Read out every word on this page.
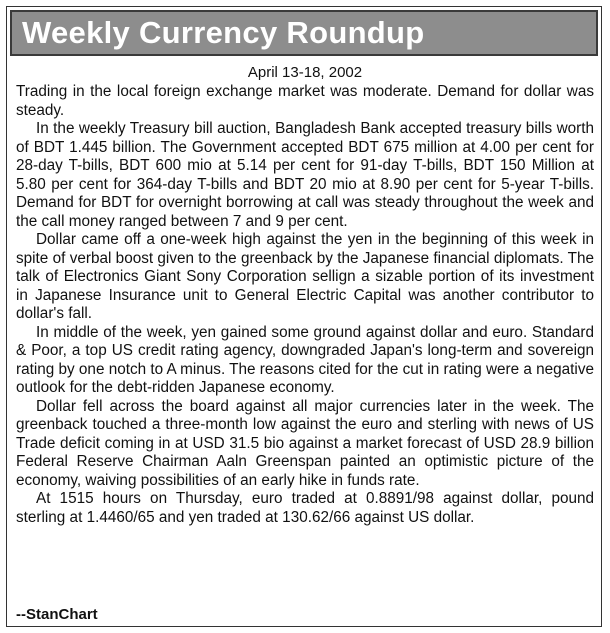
Weekly Currency Roundup
April 13-18, 2002

Trading in the local foreign exchange market was moderate. Demand for dollar was steady.

In the weekly Treasury bill auction, Bangladesh Bank accepted treasury bills worth of BDT 1.445 billion. The Government accepted BDT 675 million at 4.00 per cent for 28-day T-bills, BDT 600 mio at 5.14 per cent for 91-day T-bills, BDT 150 Million at 5.80 per cent for 364-day T-bills and BDT 20 mio at 8.90 per cent for 5-year T-bills. Demand for BDT for overnight borrowing at call was steady throughout the week and the call money ranged between 7 and 9 per cent.

Dollar came off a one-week high against the yen in the beginning of this week in spite of verbal boost given to the greenback by the Japanese financial diplomats. The talk of Electronics Giant Sony Corporation sellign a sizable portion of its investment in Japanese Insurance unit to General Electric Capital was another contributor to dollar's fall.

In middle of the week, yen gained some ground against dollar and euro. Standard & Poor, a top US credit rating agency, downgraded Japan's long-term and sovereign rating by one notch to A minus. The reasons cited for the cut in rating were a negative outlook for the debt-ridden Japanese economy.

Dollar fell across the board against all major currencies later in the week. The greenback touched a three-month low against the euro and sterling with news of US Trade deficit coming in at USD 31.5 bio against a market forecast of USD 28.9 billion Federal Reserve Chairman Aaln Greenspan painted an optimistic picture of the economy, waiving possibilities of an early hike in funds rate.

At 1515 hours on Thursday, euro traded at 0.8891/98 against dollar, pound sterling at 1.4460/65 and yen traded at 130.62/66 against US dollar.

--StanChart
